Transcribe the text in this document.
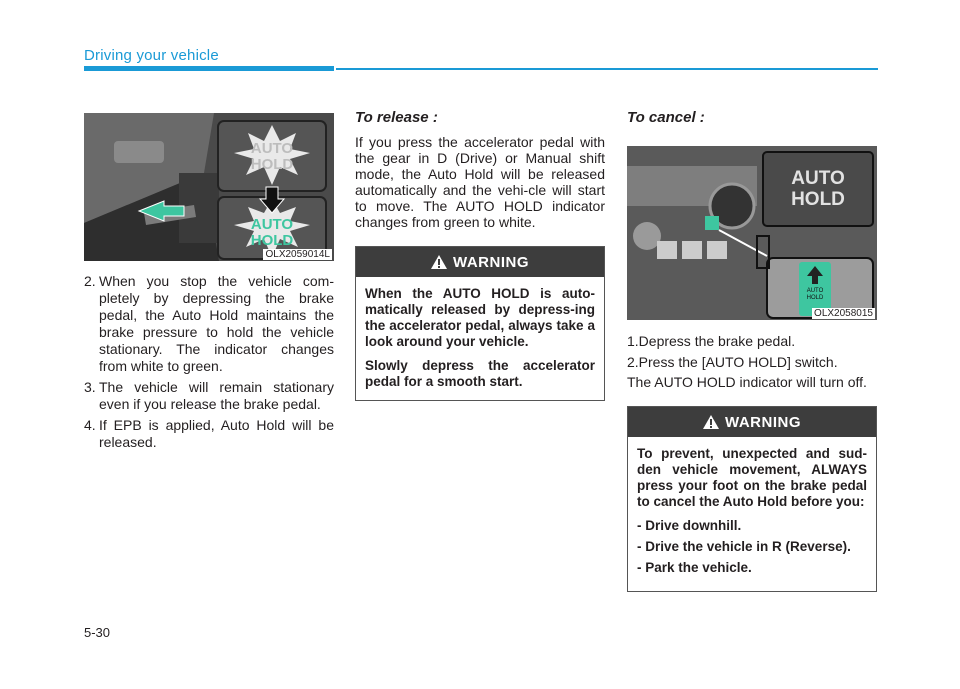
Driving your vehicle
AUTO HOLD
AUTO HOLD
OLX2059014L
2. When you stop the vehicle com-pletely by depressing the brake pedal, the Auto Hold maintains the brake pressure to hold the vehicle stationary. The indicator changes from white to green.
3. The vehicle will remain stationary even if you release the brake pedal.
4. If EPB is applied, Auto Hold will be released.
To release :

If you press the accelerator pedal with the gear in D (Drive) or Manual shift mode, the Auto Hold will be released automatically and the vehi-cle will start to move. The AUTO HOLD indicator changes from green to white.

WARNING

When the AUTO HOLD is auto-matically released by depress-ing the accelerator pedal, always take a look around your vehicle.

Slowly depress the accelerator pedal for a smooth start.

To cancel :
AUTO HOLD
AUTO HOLD
OLX2058015
1.Depress the brake pedal.
2.Press the [AUTO HOLD] switch.

The AUTO HOLD indicator will turn off.

WARNING

To prevent, unexpected and sud-den vehicle movement, ALWAYS press your foot on the brake pedal to cancel the Auto Hold before you:

- Drive downhill.
- Drive the vehicle in R (Reverse).
- Park the vehicle.
5-30
